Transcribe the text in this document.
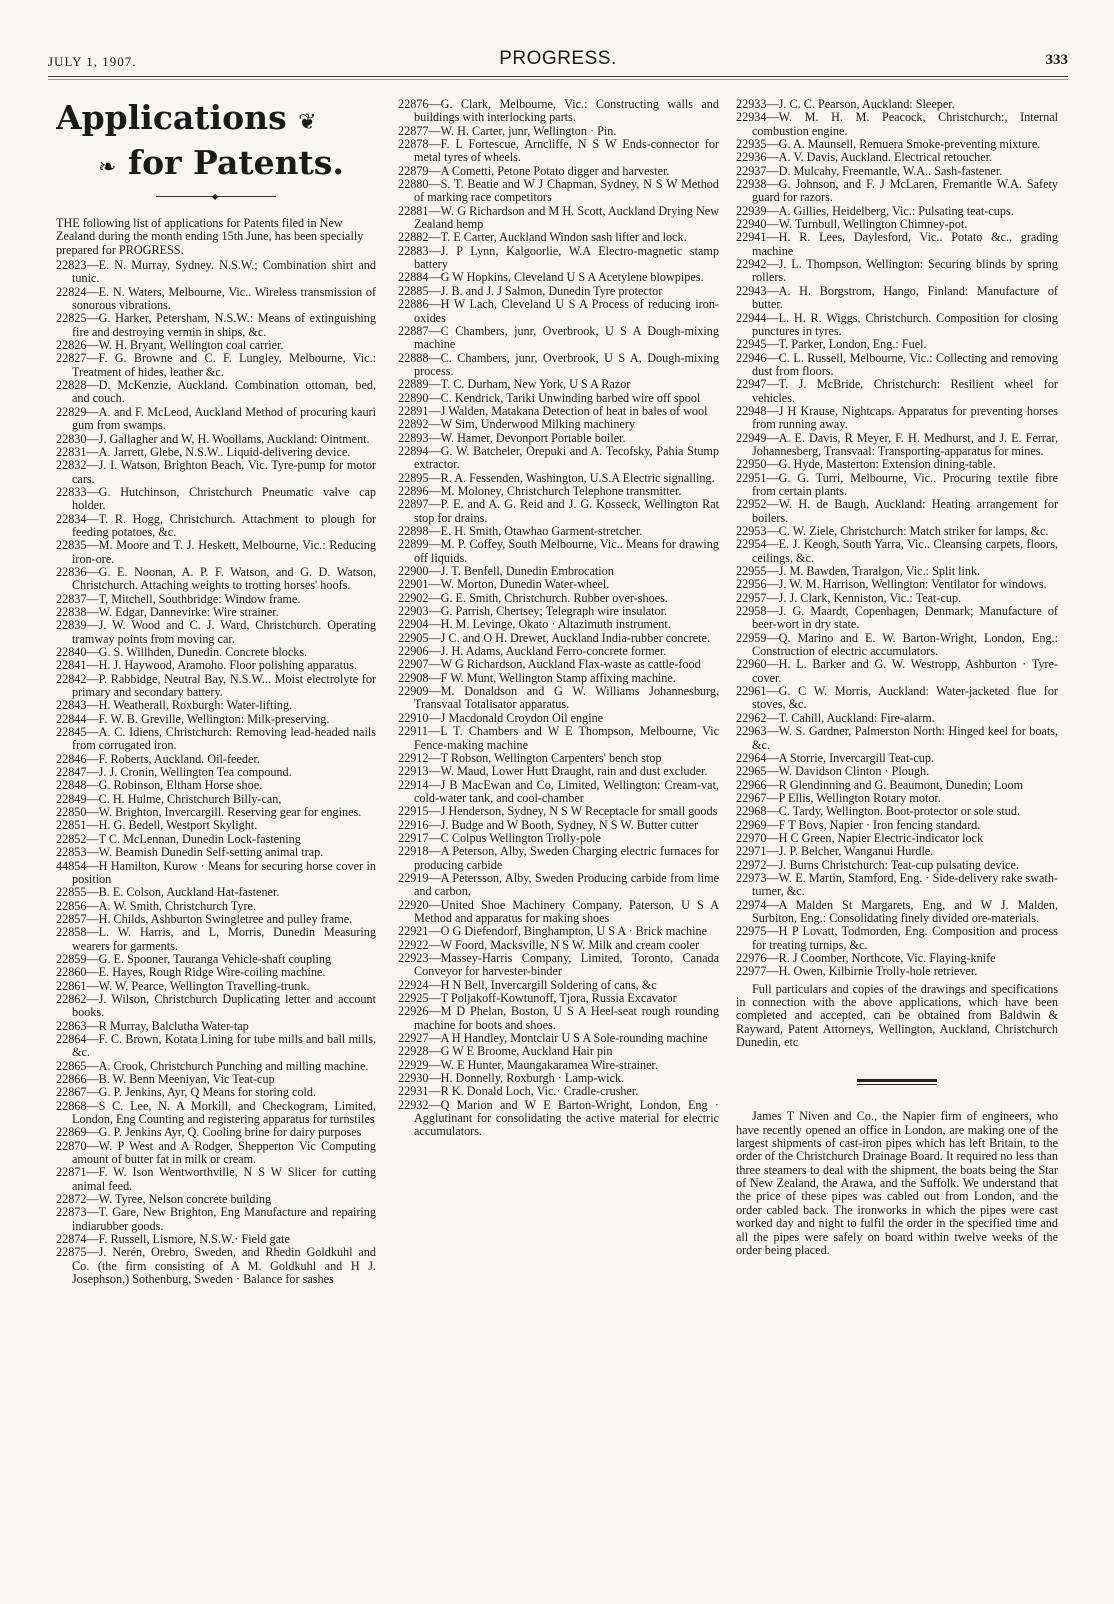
JULY 1, 1907.	PROGRESS.	333
Applications ❦
❧ for Patents.
◆
THE following list of applications for Patents filed in New Zealand during the month ending 15th June, has been specially prepared for PROGRESS.
22823—E. N. Murray, Sydney. N.S.W.; Combination shirt and tunic.
22824—E. N. Waters, Melbourne, Vic.. Wireless transmission of sonorous vibrations.
22825—G. Harker, Petersham, N.S.W.: Means of extinguishing fire and destroying vermin in ships, &c.
22826—W. H. Bryant, Wellington coal carrier.
22827—F. G. Browne and C. F. Lungley, Melbourne, Vic.: Treatment of hides, leather &c.
22828—D. McKenzie, Auckland. Combination ottoman, bed, and couch.
22829—A. and F. McLeod, Auckland Method of procuring kauri gum from swamps.
22830—J. Gallagher and W, H. Woollams, Auckland: Ointment.
22831—A. Jarrett, Glebe, N.S.W.. Liquid-delivering device.
22832—J. I. Watson, Brighton Beach, Vic. Tyre-pump for motor cars.
22833—G. Hutchinson, Christchurch Pneumatic valve cap holder.
22834—T. R. Hogg, Christchurch. Attachment to plough for feeding potatoes, &c.
22835—M. Moore and T. J. Heskett, Melbourne, Vic.: Reducing iron-ore.
22836—G. E. Noonan, A. P. F. Watson, and G. D. Watson, Christchurch. Attaching weights to trotting horses' hoofs.
22837—T, Mitchell, Southbridge: Window frame.
22838—W. Edgar, Dannevirke: Wire strainer.
22839—J. W. Wood and C. J. Ward, Christchurch. Operating tramway points from moving car.
22840—G. S. Willhden, Dunedin. Concrete blocks.
22841—H. J. Haywood, Aramoho. Floor polishing apparatus.
22842—P. Rabbidge, Neutral Bay, N.S.W... Moist electrolyte for primary and secondary battery.
22843—H. Weatherall, Roxburgh: Water-lifting.
22844—F. W. B. Greville, Wellington: Milk-preserving.
22845—A. C. Idiens, Christchurch: Removing lead-headed nails from corrugated iron.
22846—F. Roberts, Auckland. Oil-feeder.
22847—J. J. Cronin, Wellington Tea compound.
22848—G. Robinson, Eltham Horse shoe.
22849—C. H. Hulme, Christchurch Billy-can,
22850—W. Brighton, Invercargill. Reserving gear for engines.
22851—H. G. Bedell, Westport Skylight.
22852—T C. McLennan, Dunedin Lock-fastening
22853—W. Beamish Dunedin Self-setting animal trap.
44854—H Hamilton, Kurow · Means for securing horse cover in position
22855—B. E. Colson, Auckland Hat-fastener.
22856—A. W. Smith, Christchurch Tyre.
22857—H. Childs, Ashburton Swingletree and pulley frame.
22858—L. W. Harris, and L, Morris, Dunedin Measuring wearers for garments.
22859—G. E. Spooner, Tauranga Vehicle-shaft coupling
22860—E. Hayes, Rough Ridge Wire-coiling machine.
22861—W. W. Pearce, Wellington Travelling-trunk.
22862—J. Wilson, Christchurch Duplicating letter and account books.
22863—R Murray, Balclutha Water-tap
22864—F. C. Brown, Kotata Lining for tube mills and ball mills, &c.
22865—A. Crook, Christchurch Punching and milling machine.
22866—B. W. Benn Meeniyan, Vic Teat-cup
22867—G. P. Jenkins, Ayr, Q Means for storing cold.
22868—S C. Lee, N. A Morkill, and Checkogram, Limited, London, Eng Counting and registering apparatus for turnstiles
22869—G. P. Jenkins Ayr, Q. Cooling brine for dairy purposes
22870—W. P West and A Rodger, Shepperton Vic Computing amount of butter fat in milk or cream.
22871—F. W. Ison Wentworthville, N S W Slicer for cutting animal feed.
22872—W. Tyree, Nelson concrete building
22873—T. Gare, New Brighton, Eng Manufacture and repairing indiarubber goods.
22874—F. Russell, Lismore, N.S.W.· Field gate
22875—J. Nerén, Orebro, Sweden, and Rhedin Goldkuhl and Co. (the firm consisting of A M. Goldkuhl and H J. Josephson,) Sothenburg, Sweden · Balance for sashes
22876—G. Clark, Melbourne, Vic.: Constructing walls and buildings with interlocking parts.
22877—W. H. Carter, junr, Wellington · Pin.
22878—F. L Fortescue, Arncliffe, N S W Ends-connector for metal tyres of wheels.
22879—A Cometti, Petone Potato digger and harvester.
22880—S. T. Beatie and W J Chapman, Sydney, N S W Method of marking race competitors
22881—W. G Richardson and M H. Scott, Auckland Drying New Zealand hemp
22882—T. E Carter, Auckland Windon sash lifter and lock.
22883—J. P Lynn, Kalgoorlie, W.A Electro-magnetic stamp battery
22884—G W Hopkins, Cleveland U S A Acetylene blowpipes.
22885—J. B. and J. J Salmon, Dunedin Tyre protector
22886—H W Lach, Cleveland U S A Process of reducing iron-oxides
22887—C Chambers, junr, Overbrook, U S A Dough-mixing machine
22888—C. Chambers, junr, Overbrook, U S A, Dough-mixing process.
22889—T. C. Durham, New York, U S A Razor
22890—C. Kendrick, Tariki Unwinding barbed wire off spool
22891—J Walden, Matakana Detection of heat in bales of wool
22892—W Sim, Underwood Milking machinery
22893—W. Hamer, Devonport Portable boiler.
22894—G. W. Batcheler, Orepuki and A. Tecofsky, Pahia Stump extractor.
22895—R. A. Fessenden, Washington, U.S.A Electric signalling.
22896—M. Moloney, Christchurch Telephone transmitter.
22897—P. E. and A. G. Reid and J. G. Kosseck, Wellington Rat stop for drains.
22898—E. H. Smith, Otawhao Garment-stretcher.
22899—M. P. Coffey, South Melbourne, Vic.. Means for drawing off liquids.
22900—J. T. Benfell, Dunedin Embrocation
22901—W. Morton, Dunedin Water-wheel.
22902—G. E. Smith, Christchurch. Rubber over-shoes.
22903—G. Parrish, Chertsey; Telegraph wire insulator.
22904—H. M. Levinge, Okato · Altazimuth instrument.
22905—J C. and O H. Drewet, Auckland India-rubber concrete.
22906—J. H. Adams, Auckland Ferro-concrete former.
22907—W G Richardson, Auckland Flax-waste as cattle-food
22908—F W. Munt, Wellington Stamp affixing machine.
22909—M. Donaldson and G W. Williams Johannesburg, Transvaal Totalisator apparatus.
22910—J Macdonald Croydon Oil engine
22911—L T. Chambers and W E Thompson, Melbourne, Vic Fence-making machine
22912—T Robson, Wellington Carpenters' bench stop
22913—W. Maud, Lower Hutt Draught, rain and dust excluder.
22914—J B MacEwan and Co, Limited, Wellington: Cream-vat, cold-water tank, and cool-chamber
22915—J Henderson, Sydney, N S W Receptacle for small goods
22916—J. Budge and W Booth, Sydney, N S W. Butter cutter
22917—C Colpus Wellington Trolly-pole
22918—A Peterson, Alby, Sweden Charging electric furnaces for producing carbide
22919—A Petersson, Alby, Sweden Producing carbide from lime and carbon,
22920—United Shoe Machinery Company, Paterson, U S A Method and apparatus for making shoes
22921—O G Diefendorf, Binghampton, U S A · Brick machine
22922—W Foord, Macksville, N S W. Milk and cream cooler
22923—Massey-Harris Company, Limited, Toronto, Canada Conveyor for harvester-binder
22924—H N Bell, Invercargill Soldering of cans, &c
22925—T Poljakoff-Kowtunoff, Tjora, Russia Excavator
22926—M D Phelan, Boston, U S A Heel-seat rough rounding machine for boots and shoes.
22927—A H Handley, Montclair U S A Sole-rounding machine
22928—G W E Broome, Auckland Hair pin
22929—W. E Hunter, Maungakaramea Wire-strainer.
22930—H. Donnelly, Roxburgh · Lamp-wick.
22931—R K. Donald Loch, Vic.· Cradle-crusher.
22932—Q Marion and W E Barton-Wright, London, Eng · Agglutinant for consolidating the active material for electric accumulators.
22933—J. C. C. Pearson, Auckland: Sleeper.
22934—W. M. H. M. Peacock, Christchurch:, Internal combustion engine.
22935—G. A. Maunsell, Remuera Smoke-preventing mixture.
22936—A. V. Davis, Auckland. Electrical retoucher.
22937—D. Mulcahy, Freemantle, W.A.. Sash-fastener.
22938—G. Johnson, and F. J McLaren, Fremantle W.A. Safety guard for razors.
22939—A. Gillies, Heidelberg, Vic.: Pulsating teat-cups.
22940—W. Turnbull, Wellington Chimney-pot.
22941—H. R. Lees, Daylesford, Vic.. Potato &c., grading machine
22942—J. L. Thompson, Wellington: Securing blinds by spring rollers.
22943—A. H. Borgstrom, Hango, Finland: Manufacture of butter.
22944—L. H. R. Wiggs, Christchurch. Composition for closing punctures in tyres.
22945—T. Parker, London, Eng.: Fuel.
22946—C. L. Russell, Melbourne, Vic.: Collecting and removing dust from floors.
22947—T. J. McBride, Christchurch: Resilient wheel for vehicles.
22948—J H Krause, Nightcaps. Apparatus for preventing horses from running away.
22949—A. E. Davis, R Meyer, F. H. Medhurst, and J. E. Ferrar, Johannesberg, Transvaal: Transporting-apparatus for mines.
22950—G. Hyde, Masterton: Extension dining-table.
22951—G. G. Turri, Melbourne, Vic.. Procuring textile fibre from certain plants.
22952—W. H. de Baugh, Auckland: Heating arrangement for boilers.
22953—C. W. Ziele, Christchurch: Match striker for lamps, &c.
22954—E. J. Keogh, South Yarra, Vic.. Cleansing carpets, floors, ceilings, &c.
22955—J. M. Bawden, Traralgon, Vic.: Split link.
22956—J. W. M. Harrison, Wellington: Ventilator for windows.
22957—J. J. Clark, Kenniston, Vic.: Teat-cup.
22958—J. G. Maardt, Copenhagen, Denmark; Manufacture of beer-wort in dry state.
22959—Q. Marino and E. W. Barton-Wright, London, Eng.: Construction of electric accumulators.
22960—H. L. Barker and G. W. Westropp, Ashburton · Tyre-cover.
22961—G. C W. Morris, Auckland: Water-jacketed flue for stoves, &c.
22962—T. Cahill, Auckland: Fire-alarm.
22963—W. S. Gardner, Palmerston North: Hinged keel for boats, &c.
22964—A Storrie, Invercargill Teat-cup.
22965—W. Davidson Clinton · Plough.
22966—R Glendinning and G. Beaumont, Dunedin; Loom
22967—P Ellis, Wellington Rotary motor.
22968—C. Tardy, Wellington. Boot-protector or sole stud.
22969—F T Bovs, Napier · Iron fencing standard.
22970—H C Green, Napier Electric-indicator lock
22971—J. P. Belcher, Wanganui Hurdle.
22972—J. Burns Christchurch: Teat-cup pulsating device.
22973—W. E. Martin, Stamford, Eng. · Side-delivery rake swath-turner, &c.
22974—A Malden St Margarets, Eng, and W J. Malden, Surbiton, Eng.: Consolidating finely divided ore-materials.
22975—H P Lovatt, Todmorden, Eng. Composition and process for treating turnips, &c.
22976—R. J Coomber, Northcote, Vic. Flaying-knife
22977—H. Owen, Kilbirnie Trolly-hole retriever.
Full particulars and copies of the drawings and specifications in connection with the above applications, which have been completed and accepted, can be obtained from Baldwin & Rayward, Patent Attorneys, Wellington, Auckland, Christchurch Dunedin, etc
James T Niven and Co., the Napier firm of engineers, who have recently opened an office in London, are making one of the largest shipments of cast-iron pipes which has left Britain, to the order of the Christchurch Drainage Board. It required no less than three steamers to deal with the shipment, the boats being the Star of New Zealand, the Arawa, and the Suffolk. We understand that the price of these pipes was cabled out from London, and the order cabled back. The ironworks in which the pipes were cast worked day and night to fulfil the order in the specified time and all the pipes were safely on board within twelve weeks of the order being placed.
